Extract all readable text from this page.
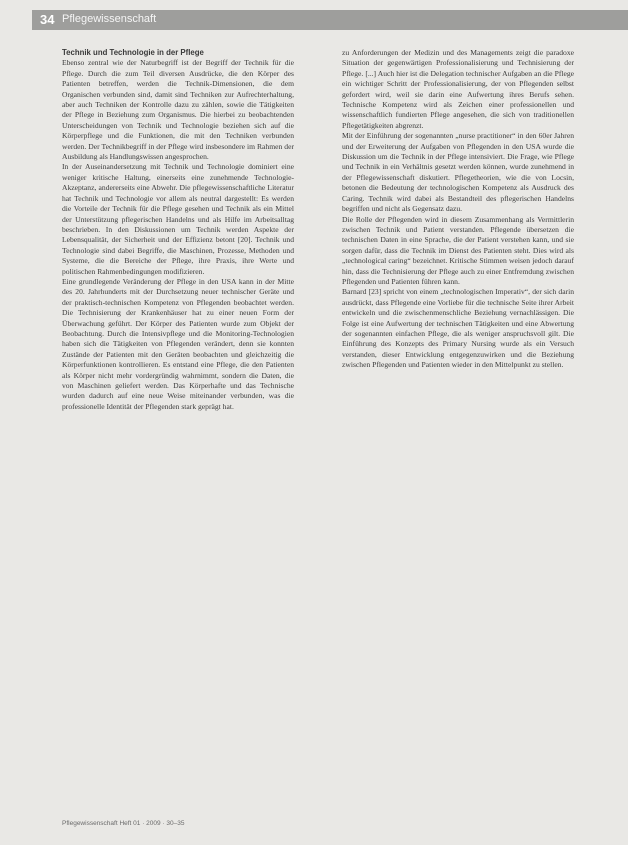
34 Pflegewissenschaft

Technik und Technologie in der Pflege

Ebenso zentral wie der Naturbegriff ist der Begriff der Technik für die Pflege. Durch die zum Teil diversen Ausdrücke, die den Körper des Patienten betreffen, werden die Technik-Dimensionen, die dem Organischen verbunden sind, damit sind Techniken zur Aufrechterhaltung, aber auch Techniken der Kontrolle dazu zu zählen, sowie die Tätigkeiten der Pflege in Beziehung zum Organismus. Die hierbei zu beobachtenden Unterscheidungen von Technik und Technologie beziehen sich auf die Körperpflege und die Funktionen, die mit den Techniken verbunden werden. Der Technikbegriff in der Pflege wird insbesondere im Rahmen der Ausbildung als Handlungswissen angesprochen.

In der Auseinandersetzung mit Technik und Technologie dominiert eine weniger kritische Haltung, einerseits eine zunehmende Technologie-Akzeptanz, andererseits eine Abwehr. Die pflegewissenschaftliche Literatur hat Technik und Technologie vor allem als neutral dargestellt: Es werden die Vorteile der Technik für die Pflege gesehen und Technik als ein Mittel der Unterstützung pflegerischen Handelns und als Hilfe im Arbeitsalltag beschrieben. In den Diskussionen um Technik werden Aspekte der Lebensqualität, der Sicherheit und der Effizienz betont [20]. Technik und Technologie sind dabei Begriffe, die Maschinen, Prozesse, Methoden und Systeme, die die Bereiche der Pflege, ihre Praxis, ihre Werte und politischen Rahmenbedingungen modifizieren.

Eine grundlegende Veränderung der Pflege in den USA kann in der Mitte des 20. Jahrhunderts mit der Durchsetzung neuer technischer Geräte und der praktisch-technischen Kompetenz von Pflegenden beobachtet werden. Die Technisierung der Krankenhäuser hat zu einer neuen Form der Überwachung geführt. Der Körper des Patienten wurde zum Objekt der Beobachtung. Durch die Intensivpflege und die Monitoring-Technologien haben sich die Tätigkeiten von Pflegenden verändert, denn sie konnten Zustände der Patienten mit den Geräten beobachten und gleichzeitig die Körperfunktionen kontrollieren. Es entstand eine Pflege, die den Patienten als Körper nicht mehr vordergründig wahrnimmt, sondern die Daten, die von Maschinen geliefert werden. Das Körperhafte und das Technische wurden dadurch auf eine neue Weise miteinander verbunden, was die professionelle Identität der Pflegenden stark geprägt hat.

zu Anforderungen der Medizin und des Managements zeigt die paradoxe Situation der gegenwärtigen Professionalisierung und Technisierung der Pflege. [...] Auch hier ist die Delegation technischer Aufgaben an die Pflege ein wichtiger Schritt der Professionalisierung, der von Pflegenden selbst gefordert wird, weil sie darin eine Aufwertung ihres Berufs sehen. Technische Kompetenz wird als Zeichen einer professionellen und wissenschaftlich fundierten Pflege angesehen, die sich von traditionellen Pflegetätigkeiten abgrenzt.

Mit der Einführung der sogenannten „nurse practitioner“ in den 60er Jahren und der Erweiterung der Aufgaben von Pflegenden in den USA wurde die Diskussion um die Technik in der Pflege intensiviert. Die Frage, wie Pflege und Technik in ein Verhältnis gesetzt werden können, wurde zunehmend in der Pflegewissenschaft diskutiert. Pflegetheorien, wie die von Locsin, betonen die Bedeutung der technologischen Kompetenz als Ausdruck des Caring. Technik wird dabei als Bestandteil des pflegerischen Handelns begriffen und nicht als Gegensatz dazu.

Die Rolle der Pflegenden wird in diesem Zusammenhang als Vermittlerin zwischen Technik und Patient verstanden. Pflegende übersetzen die technischen Daten in eine Sprache, die der Patient verstehen kann, und sie sorgen dafür, dass die Technik im Dienst des Patienten steht. Dies wird als „technological caring“ bezeichnet. Kritische Stimmen weisen jedoch darauf hin, dass die Technisierung der Pflege auch zu einer Entfremdung zwischen Pflegenden und Patienten führen kann.

Barnard [23] spricht von einem „technologischen Imperativ“, der sich darin ausdrückt, dass Pflegende eine Vorliebe für die technische Seite ihrer Arbeit entwickeln und die zwischenmenschliche Beziehung vernachlässigen. Die Folge ist eine Aufwertung der technischen Tätigkeiten und eine Abwertung der sogenannten einfachen Pflege, die als weniger anspruchsvoll gilt. Die Einführung des Konzepts des Primary Nursing wurde als ein Versuch verstanden, dieser Entwicklung entgegenzuwirken und die Beziehung zwischen Pflegenden und Patienten wieder in den Mittelpunkt zu stellen.

Pflegewissenschaft Heft 01 · 2009 · 30–35
